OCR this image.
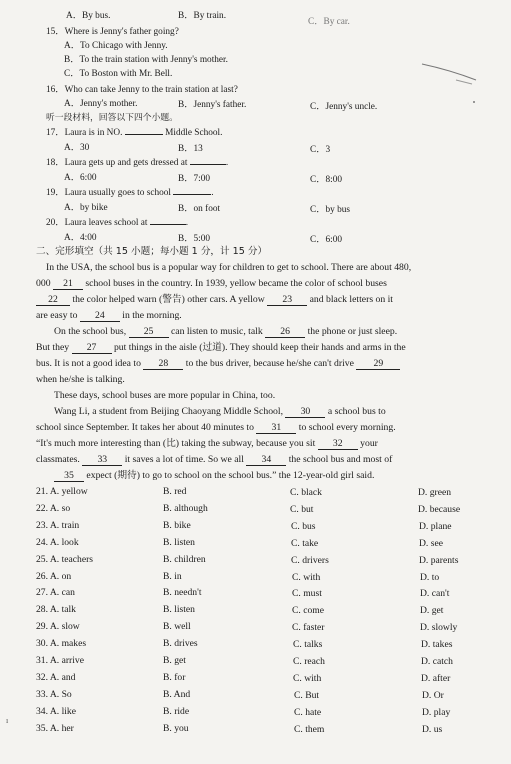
A．By bus.	B．By train.
C．By car.
15．Where is Jenny's father going?
A．To Chicago with Jenny.
B．To the train station with Jenny's mother.
C．To Boston with Mr. Bell.
16．Who can take Jenny to the train station at last?
A．Jenny's mother.	B．Jenny's father.	C．Jenny's uncle.
听一段材料，回答以下四个小题。
17．Laura is in NO.	Middle School.
A．30	B．13	C．3
18．Laura gets up and gets dressed at	.
A．6:00	B．7:00	C．8:00
19．Laura usually goes to school	.
A．by bike	B．on foot	C．by bus
20．Laura leaves school at	.
A．4:00	B．5:00	C．6:00
二、完形填空（共 15 小题；每小题 1 分，计 15 分）
In the USA, the school bus is a popular way for children to get to school. There are about 480,
000 21 school buses in the country. In 1939, yellow became the color of school buses
22 the color helped warn (警告) other cars. A yellow 23 and black letters on it
are easy to 24 in the morning.
On the school bus, 25 can listen to music, talk 26 the phone or just sleep.
But they 27 put things in the aisle (过道). They should keep their hands and arms in the
bus. It is not a good idea to 28 to the bus driver, because he/she can't drive 29
when he/she is talking.
These days, school buses are more popular in China, too.
Wang Li, a student from Beijing Chaoyang Middle School, 30 a school bus to
school since September. It takes her about 40 minutes to 31 to school every morning.
“It's much more interesting than (比) taking the subway, because you sit 32 your
classmates. 33 it saves a lot of time. So we all 34 the school bus and most of
35 expect (期待) to go to school on the school bus.” the 12-year-old girl said.
21. A. yellow	B. red	C. black	D. green
22. A. so	B. although	C. but	D. because
23. A. train	B. bike	C. bus	D. plane
24. A. look	B. listen	C. take	D. see
25. A. teachers	B. children	C. drivers	D. parents
26. A. on	B. in	C. with	D. to
27. A. can	B. needn't	C. must	D. can't
28. A. talk	B. listen	C. come	D. get
29. A. slow	B. well	C. faster	D. slowly
30. A. makes	B. drives	C. talks	D. takes
31. A. arrive	B. get	C. reach	D. catch
32. A. and	B. for	C. with	D. after
33. A. So	B. And	C. But	D. Or
34. A. like	B. ride	C. hate	D. play
35. A. her	B. you	C. them	D. us
ı
